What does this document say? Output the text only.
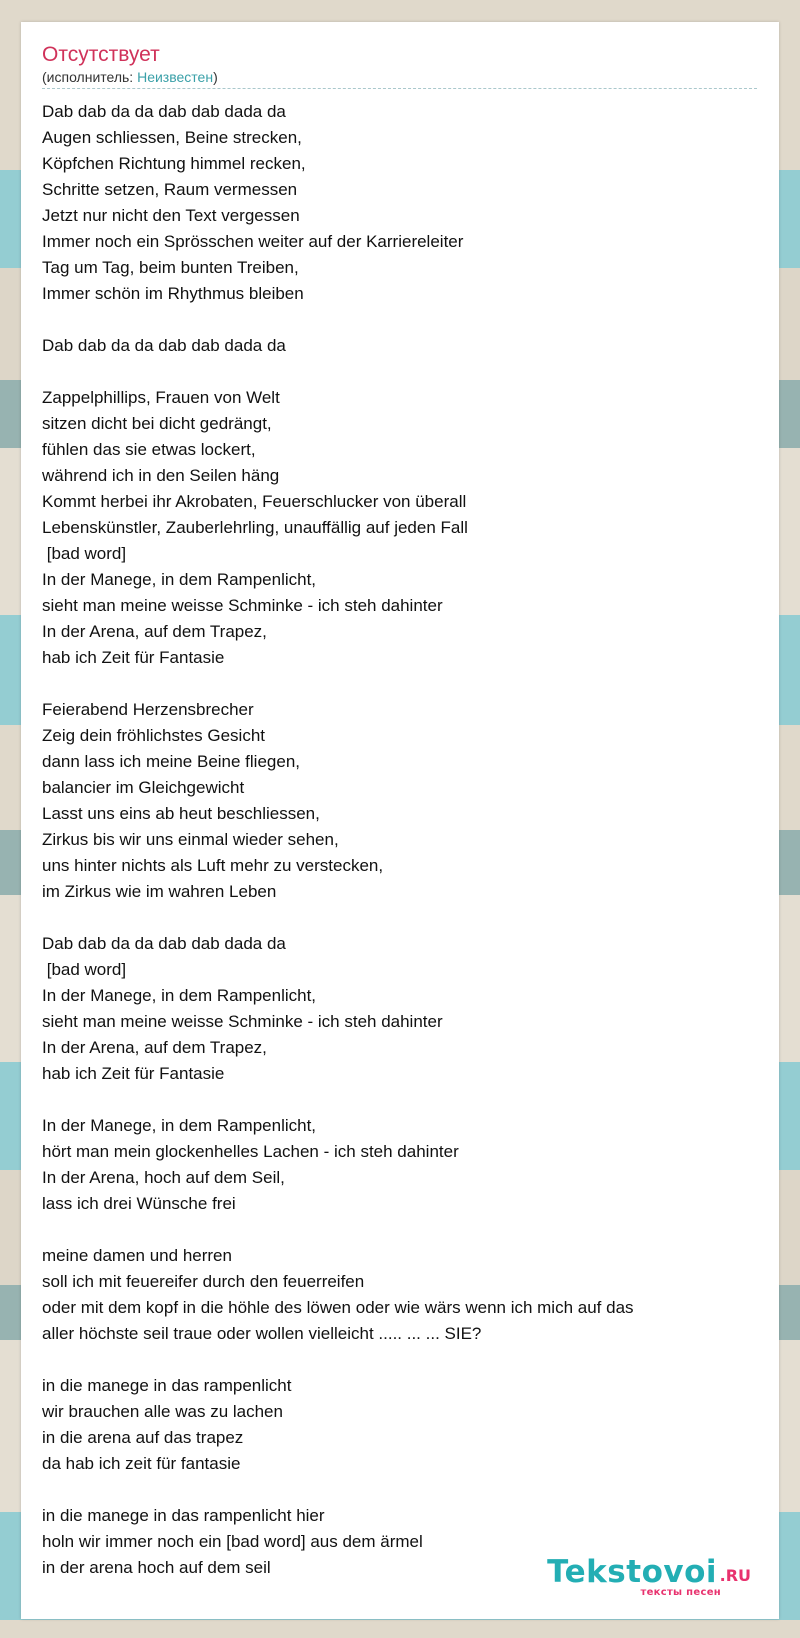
Отсутствует
(исполнитель: Неизвестен)
Dab dab da da dab dab dada da
Augen schliessen, Beine strecken,
Köpfchen Richtung himmel recken,
Schritte setzen, Raum vermessen
Jetzt nur nicht den Text vergessen
Immer noch ein Sprösschen weiter auf der Karriereleiter
Tag um Tag, beim bunten Treiben,
Immer schön im Rhythmus bleiben

Dab dab da da dab dab dada da

Zappelphillips, Frauen von Welt
sitzen dicht bei dicht gedrängt,
fühlen das sie etwas lockert,
während ich in den Seilen häng
Kommt herbei ihr Akrobaten, Feuerschlucker von überall
Lebenskünstler, Zauberlehrling, unauffällig auf jeden Fall
[bad word]
In der Manege, in dem Rampenlicht,
sieht man meine weisse Schminke - ich steh dahinter
In der Arena, auf dem Trapez,
hab ich Zeit für Fantasie

Feierabend Herzensbrecher
Zeig dein fröhlichstes Gesicht
dann lass ich meine Beine fliegen,
balancier im Gleichgewicht
Lasst uns eins ab heut beschliessen,
Zirkus bis wir uns einmal wieder sehen,
uns hinter nichts als Luft mehr zu verstecken,
im Zirkus wie im wahren Leben

Dab dab da da dab dab dada da
[bad word]
In der Manege, in dem Rampenlicht,
sieht man meine weisse Schminke - ich steh dahinter
In der Arena, auf dem Trapez,
hab ich Zeit für Fantasie

In der Manege, in dem Rampenlicht,
hört man mein glockenhelles Lachen - ich steh dahinter
In der Arena, hoch auf dem Seil,
lass ich drei Wünsche frei

meine damen und herren
soll ich mit feuereifer durch den feuerreifen
oder mit dem kopf in die höhle des löwen oder wie wärs wenn ich mich auf das
aller höchste seil traue oder wollen vielleicht ..... ... ... SIE?

in die manege in das rampenlicht
wir brauchen alle was zu lachen
in die arena auf das trapez
da hab ich zeit für fantasie

in die manege in das rampenlicht hier
holn wir immer noch ein [bad word] aus dem ärmel
in der arena hoch auf dem seil	Tekstovoi .RU
тексты песен
